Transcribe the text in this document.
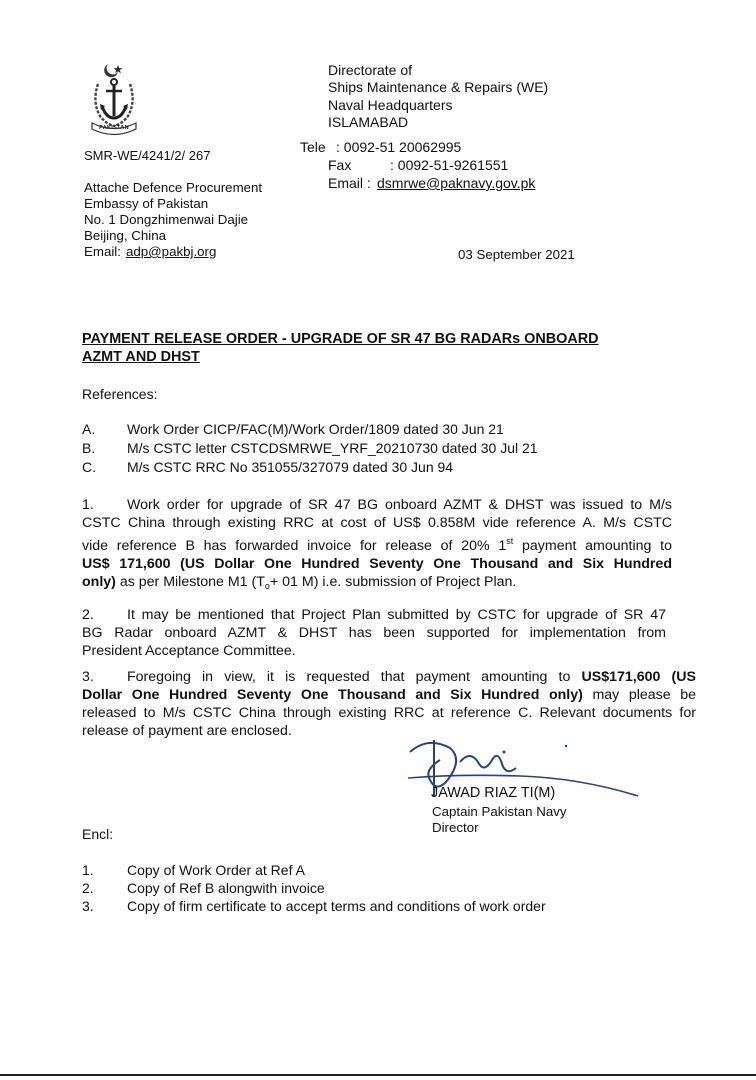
PAKISTAN
Directorate of
Ships Maintenance & Repairs (WE)
Naval Headquarters
ISLAMABAD
Tele : 0092-51 20062995
Fax	: 0092-51-9261551
Email : dsmrwe@paknavy.gov.pk
SMR-WE/4241/2/ 267
Attache Defence Procurement
Embassy of Pakistan
No. 1 Dongzhimenwai Dajie
Beijing, China
Email: adp@pakbj.org	03 September 2021
PAYMENT RELEASE ORDER - UPGRADE OF SR 47 BG RADARs ONBOARD
AZMT AND DHST
References:
A. Work Order CICP/FAC(M)/Work Order/1809 dated 30 Jun 21
B. M/s CSTC letter CSTCDSMRWE_YRF_20210730 dated 30 Jul 21
C. M/s CSTC RRC No 351055/327079 dated 30 Jun 94
1. Work order for upgrade of SR 47 BG onboard AZMT & DHST was issued to M/s
CSTC China through existing RRC at cost of US$ 0.858M vide reference A. M/s CSTC
vide reference B has forwarded invoice for release of 20% 1st payment amounting to
US$ 171,600 (US Dollar One Hundred Seventy One Thousand and Six Hundred
only) as per Milestone M1 ($T_o+ 01$ M) i.e. submission of Project Plan.
2. It may be mentioned that Project Plan submitted by CSTC for upgrade of SR 47
BG Radar onboard AZMT & DHST has been supported for implementation from
President Acceptance Committee.
3. Foregoing in view, it is requested that payment amounting to US$171,600 (US
Dollar One Hundred Seventy One Thousand and Six Hundred only) may please be
released to M/s CSTC China through existing RRC at reference C. Relevant documents for
release of payment are enclosed.
JAWAD RIAZ TI(M)
Captain Pakistan Navy
Director
Encl:
1. Copy of Work Order at Ref A
2. Copy of Ref B alongwith invoice
3. Copy of firm certificate to accept terms and conditions of work order
